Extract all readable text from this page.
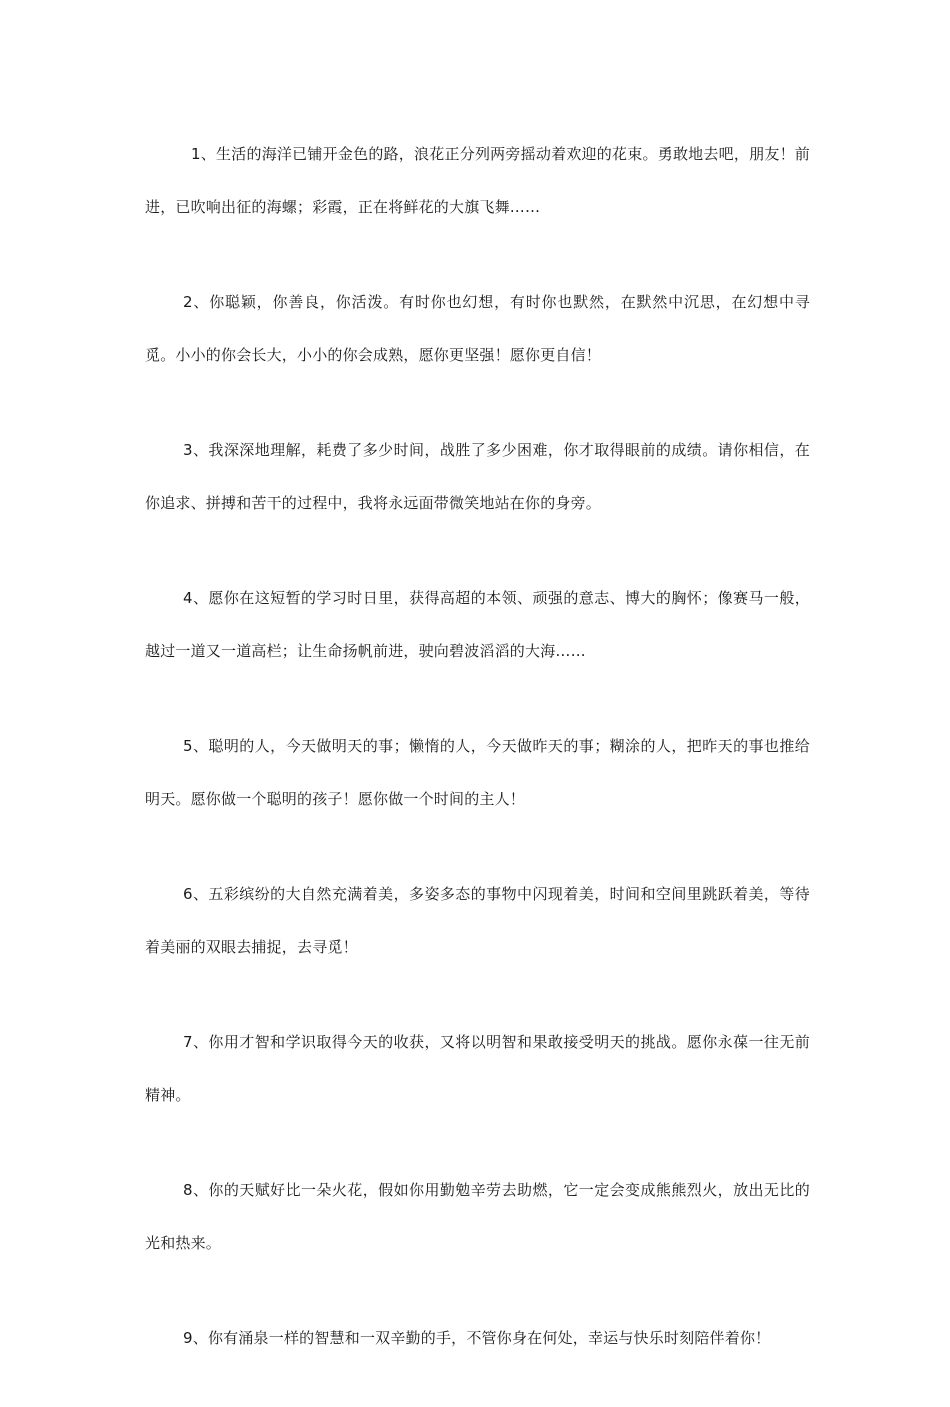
1、生活的海洋已铺开金色的路，浪花正分列两旁摇动着欢迎的花束。勇敢地去吧，朋友！前进，已吹响出征的海螺；彩霞，正在将鲜花的大旗飞舞……

2、你聪颖，你善良，你活泼。有时你也幻想，有时你也默然，在默然中沉思，在幻想中寻觅。小小的你会长大，小小的你会成熟，愿你更坚强！愿你更自信！

3、我深深地理解，耗费了多少时间，战胜了多少困难，你才取得眼前的成绩。请你相信，在你追求、拼搏和苦干的过程中，我将永远面带微笑地站在你的身旁。

4、愿你在这短暂的学习时日里，获得高超的本领、顽强的意志、博大的胸怀；像赛马一般，越过一道又一道高栏；让生命扬帆前进，驶向碧波滔滔的大海……

5、聪明的人，今天做明天的事；懒惰的人，今天做昨天的事；糊涂的人，把昨天的事也推给明天。愿你做一个聪明的孩子！愿你做一个时间的主人！

6、五彩缤纷的大自然充满着美，多姿多态的事物中闪现着美，时间和空间里跳跃着美，等待着美丽的双眼去捕捉，去寻觅！

7、你用才智和学识取得今天的收获，又将以明智和果敢接受明天的挑战。愿你永葆一往无前精神。

8、你的天赋好比一朵火花，假如你用勤勉辛劳去助燃，它一定会变成熊熊烈火，放出无比的光和热来。

9、你有涌泉一样的智慧和一双辛勤的手，不管你身在何处，幸运与快乐时刻陪伴着你！
